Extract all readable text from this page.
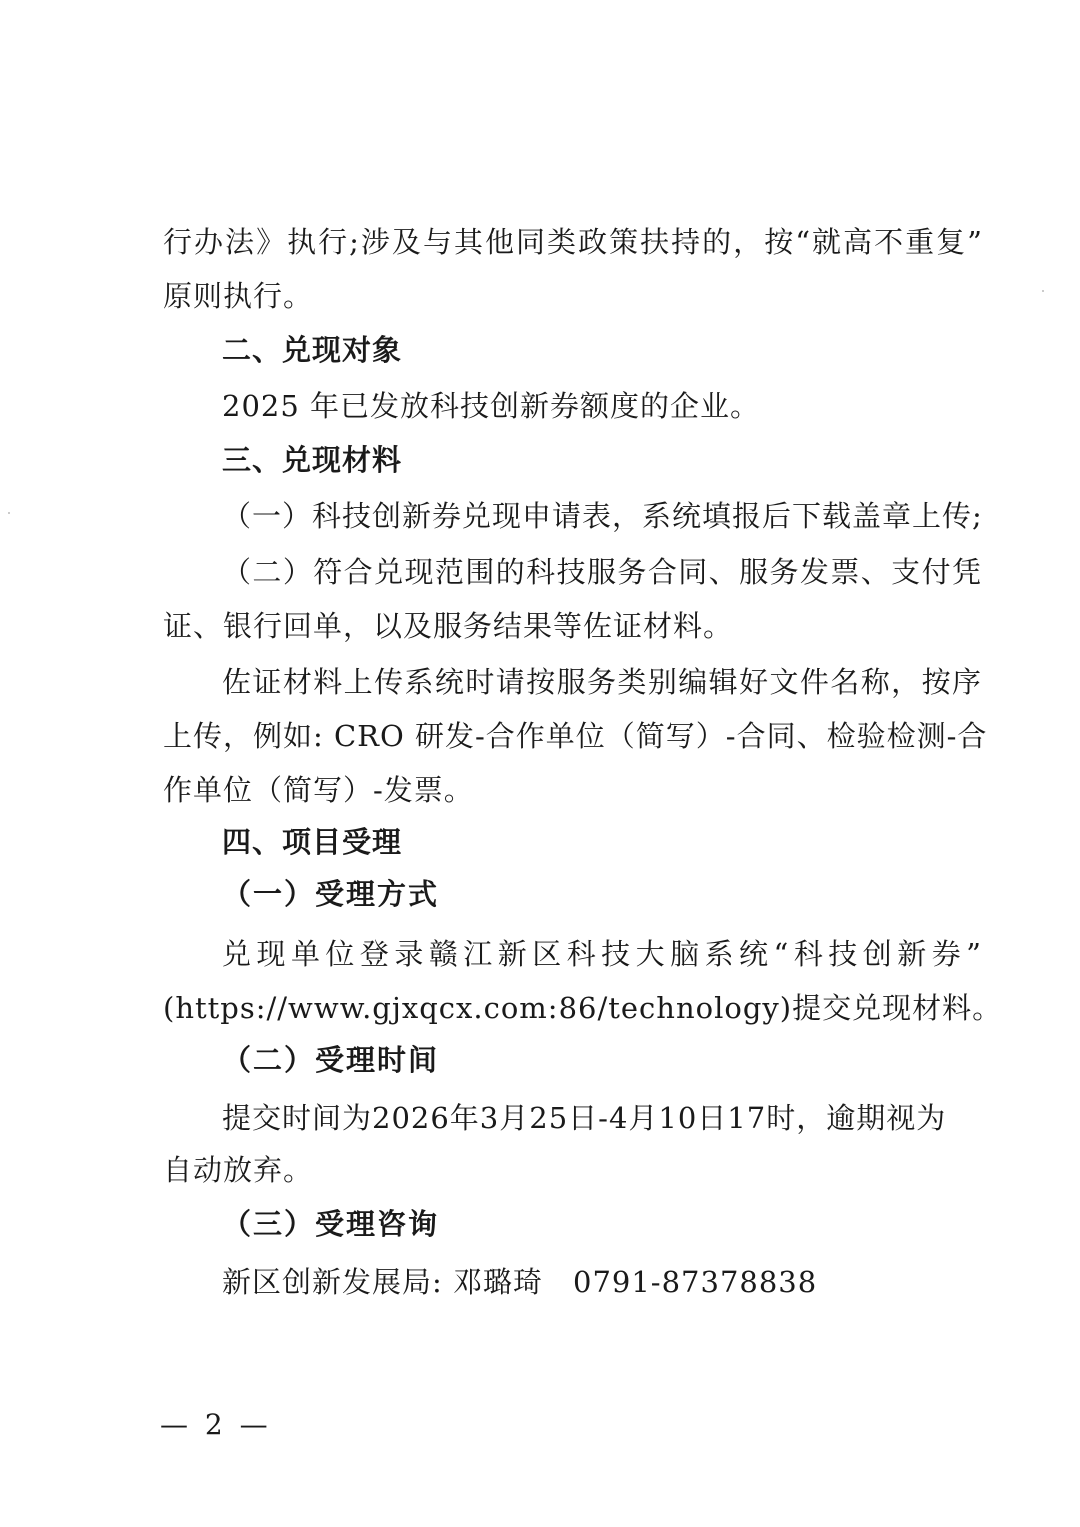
行办法》执行;涉及与其他同类政策扶持的，按“就高不重复”
原则执行。
二、兑现对象
2025 年已发放科技创新券额度的企业。
三、兑现材料
（一）科技创新券兑现申请表，系统填报后下载盖章上传;
（二）符合兑现范围的科技服务合同、服务发票、支付凭
证、银行回单，以及服务结果等佐证材料。
佐证材料上传系统时请按服务类别编辑好文件名称，按序
上传，例如: CRO 研发-合作单位（简写）-合同、检验检测-合
作单位（简写）-发票。
四、项目受理
（一）受理方式
兑现单位登录赣江新区科技大脑系统“科技创新券”
(https://www.gjxqcx.com:86/technology)提交兑现材料。
（二）受理时间
提交时间为2026年3月25日-4月10日17时，逾期视为
自动放弃。
（三）受理咨询
新区创新发展局: 邓璐琦　0791-87378838
— 2 —
